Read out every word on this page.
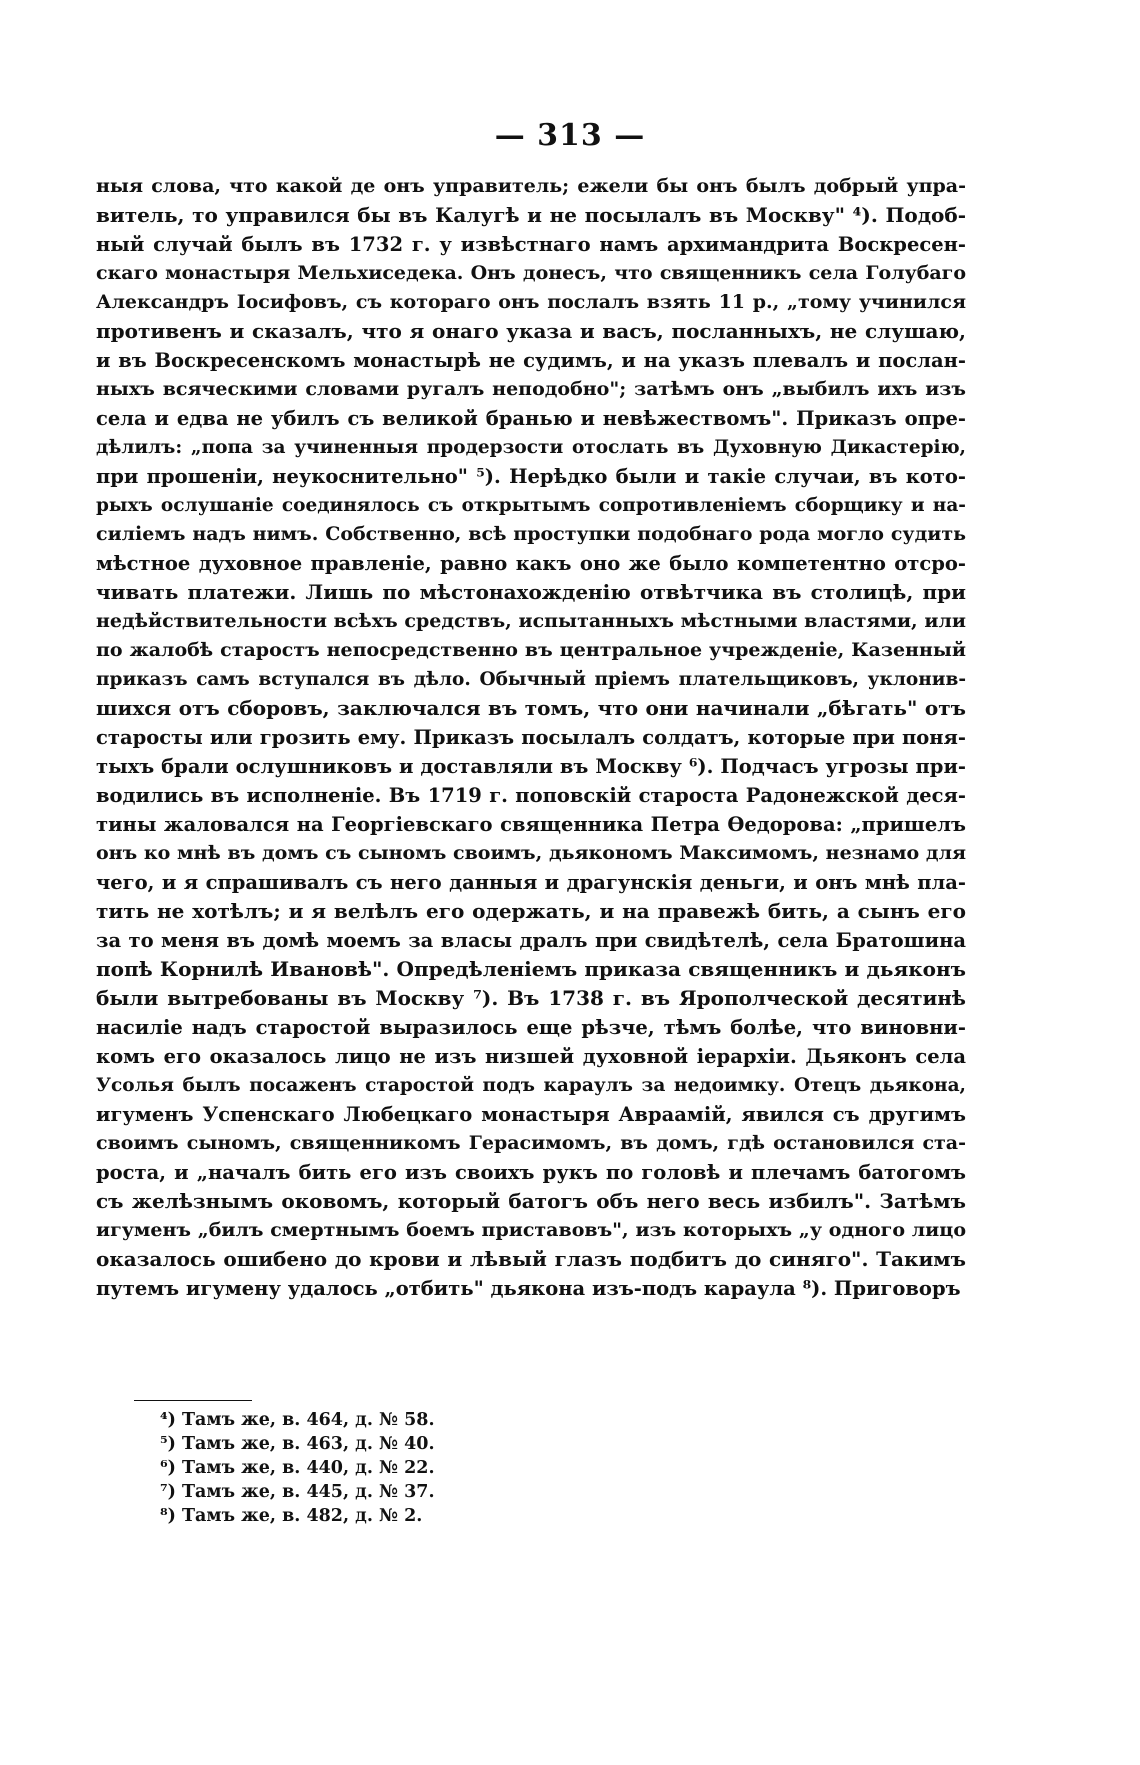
— 313 —
ныя слова, что какой де онъ управитель; ежели бы онъ былъ добрый упра-
витель, то управился бы въ Калугѣ и не посылалъ въ Москву" ⁴). Подоб-
ный случай былъ въ 1732 г. у извѣстнаго намъ архимандрита Воскресен-
скаго монастыря Мельхиседека. Онъ донесъ, что священникъ села Голубаго
Александръ Іосифовъ, съ котораго онъ послалъ взять 11 р., „тому учинился
противенъ и сказалъ, что я онаго указа и васъ, посланныхъ, не слушаю,
и въ Воскресенскомъ монастырѣ не судимъ, и на указъ плевалъ и послан-
ныхъ всяческими словами ругалъ неподобно"; затѣмъ онъ „выбилъ ихъ изъ
села и едва не убилъ съ великой бранью и невѣжествомъ". Приказъ опре-
дѣлилъ: „попа за учиненныя продерзости отослать въ Духовную Дикастерію,
при прошеніи, неукоснительно" ⁵). Нерѣдко были и такіе случаи, въ кото-
рыхъ ослушаніе соединялось съ открытымъ сопротивленіемъ сборщику и на-
силіемъ надъ нимъ. Собственно, всѣ проступки подобнаго рода могло судить
мѣстное духовное правленіе, равно какъ оно же было компетентно отсро-
чивать платежи. Лишь по мѣстонахожденію отвѣтчика въ столицѣ, при
недѣйствительности всѣхъ средствъ, испытанныхъ мѣстными властями, или
по жалобѣ старостъ непосредственно въ центральное учрежденіе, Казенный
приказъ самъ вступался въ дѣло. Обычный пріемъ плательщиковъ, уклонив-
шихся отъ сборовъ, заключался въ томъ, что они начинали „бѣгать" отъ
старосты или грозить ему. Приказъ посылалъ солдатъ, которые при поня-
тыхъ брали ослушниковъ и доставляли въ Москву ⁶). Подчасъ угрозы при-
водились въ исполненіе. Въ 1719 г. поповскій староста Радонежской деся-
тины жаловался на Георгіевскаго священника Петра Ѳедорова: „пришелъ
онъ ко мнѣ въ домъ съ сыномъ своимъ, дьякономъ Максимомъ, незнамо для
чего, и я спрашивалъ съ него данныя и драгунскія деньги, и онъ мнѣ пла-
тить не хотѣлъ; и я велѣлъ его одержать, и на правежѣ бить, а сынъ его
за то меня въ домѣ моемъ за власы дралъ при свидѣтелѣ, села Братошина
попѣ Корнилѣ Ивановѣ". Опредѣленіемъ приказа священникъ и дьяконъ
были вытребованы въ Москву ⁷). Въ 1738 г. въ Ярополческой десятинѣ
насиліе надъ старостой выразилось еще рѣзче, тѣмъ болѣе, что виновни-
комъ его оказалось лицо не изъ низшей духовной іерархіи. Дьяконъ села
Усолья былъ посаженъ старостой подъ караулъ за недоимку. Отецъ дьякона,
игуменъ Успенскаго Любецкаго монастыря Авраамій, явился съ другимъ
своимъ сыномъ, священникомъ Герасимомъ, въ домъ, гдѣ остановился ста-
роста, и „началъ бить его изъ своихъ рукъ по головѣ и плечамъ батогомъ
съ желѣзнымъ оковомъ, который батогъ объ него весь избилъ". Затѣмъ
игуменъ „билъ смертнымъ боемъ приставовъ", изъ которыхъ „у одного лицо
оказалось ошибено до крови и лѣвый глазъ подбитъ до синяго". Такимъ
путемъ игумену удалось „отбить" дьякона изъ-подъ караула ⁸). Приговоръ
⁴) Тамъ же, в. 464, д. № 58.
⁵) Тамъ же, в. 463, д. № 40.
⁶) Тамъ же, в. 440, д. № 22.
⁷) Тамъ же, в. 445, д. № 37.
⁸) Тамъ же, в. 482, д. № 2.
